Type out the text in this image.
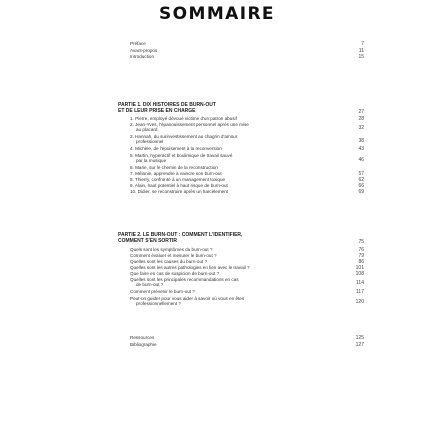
SOMMAIRE
Préface	7
Avant-propos	11
Introduction	15
PARTIE 1. DIX HISTOIRES DE BURN-OUT
ET DE LEUR PRISE EN CHARGE	27
1. Pierre, employé dévoué victime d'un patron abusif	28
2. Jean-Yves, l'épanouissement personnel après une mise
au placard	32
3. Hannah, du surinvestissement au chagrin d'amour
professionnel	38
4. Michèle, de l'épuisement à la reconversion	43
5. Martin, hyperactif et boulimique de travail sauvé
par la musique	46
6. Marie, sur le chemin de la reconstruction
7. Mélanie, apprendre à vaincre son burn-out	57
8. Thierry, confronté à un management toxique	62
9. Alain, haut potentiel à haut risque de burn-out	66
10. Didier, se reconstruire après un harcèlement	69
PARTIE 2. LE BURN-OUT : COMMENT L'IDENTIFIER,
COMMENT S'EN SORTIR	75
Quels sont les symptômes du burn-out ?	76
Comment évaluer et mesurer le burn-out ?	79
Quelles sont les causes du burn-out ?	86
Quelles sont les autres pathologies en lien avec le travail ?	101
Que faire en cas de suspicion de burn-out ?	108
Quelles sont les principales recommandations en cas
de burn-out ?	114
Comment prévenir le burn-out ?	117
Peut-on guider pour vous aider à savoir où vous en êtes
professionnellement ?	120
Ressources	125
Bibliographie	127
